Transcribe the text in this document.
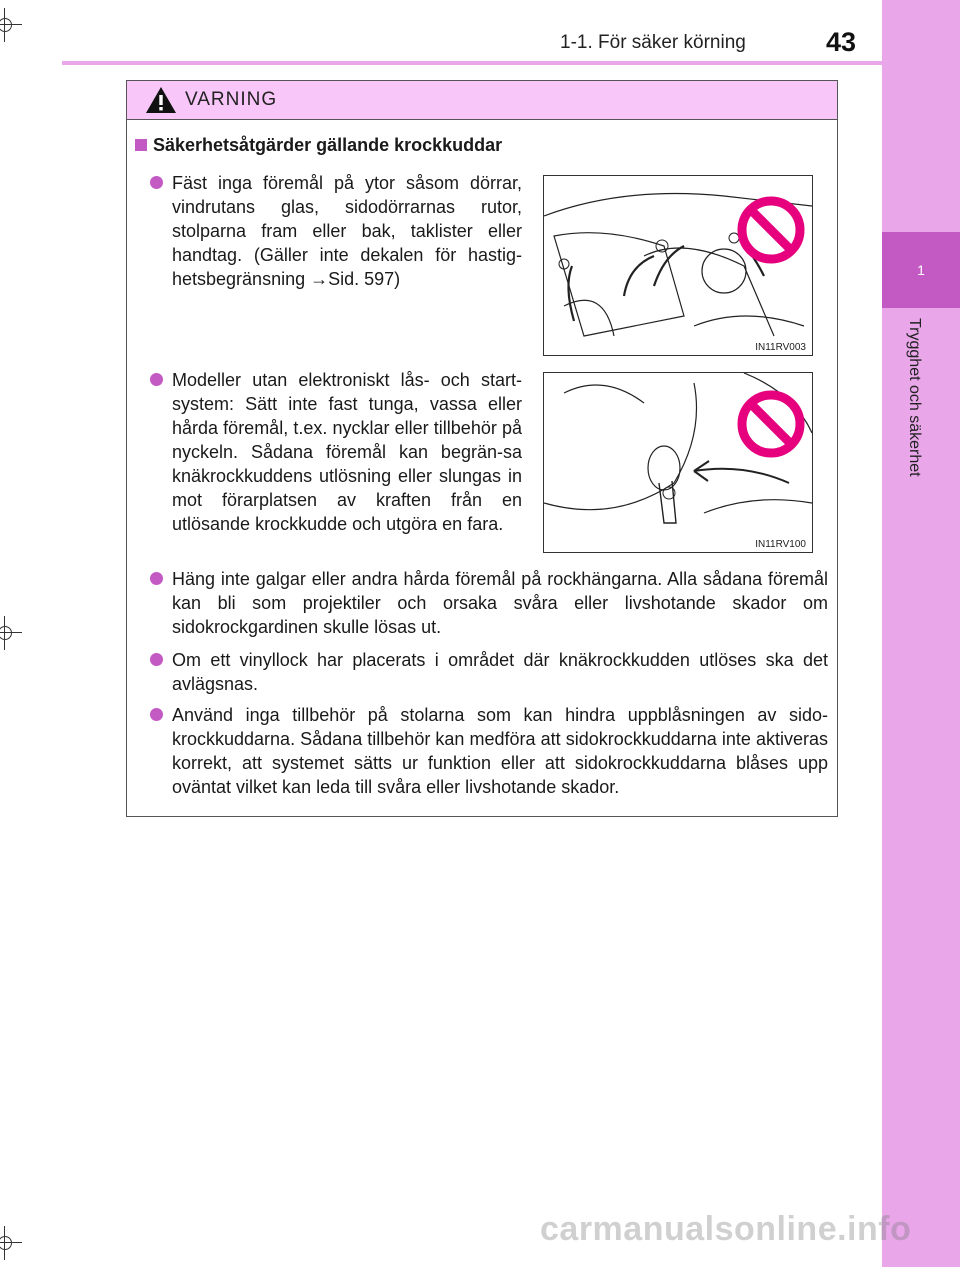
1
Trygghet och säkerhet
1-1. För säker körning	43
VARNING
Säkerhetsåtgärder gällande krockkuddar
Fäst inga föremål på ytor såsom dörrar, vindrutans glas, sidodörrarnas rutor, stolparna fram eller bak, taklister eller handtag. (Gäller inte dekalen för hastig-hetsbegränsning →Sid. 597)
IN11RV003
Modeller utan elektroniskt lås- och start-system: Sätt inte fast tunga, vassa eller hårda föremål, t.ex. nycklar eller tillbehör på nyckeln. Sådana föremål kan begrän-sa knäkrockkuddens utlösning eller slungas in mot förarplatsen av kraften från en utlösande krockkudde och utgöra en fara.
IN11RV100
Häng inte galgar eller andra hårda föremål på rockhängarna. Alla sådana föremål kan bli som projektiler och orsaka svåra eller livshotande skador om sidokrockgardinen skulle lösas ut.
Om ett vinyllock har placerats i området där knäkrockkudden utlöses ska det avlägsnas.
Använd inga tillbehör på stolarna som kan hindra uppblåsningen av sido-krockkuddarna. Sådana tillbehör kan medföra att sidokrockkuddarna inte aktiveras korrekt, att systemet sätts ur funktion eller att sidokrockkuddarna blåses upp oväntat vilket kan leda till svåra eller livshotande skador.
carmanualsonline.info
